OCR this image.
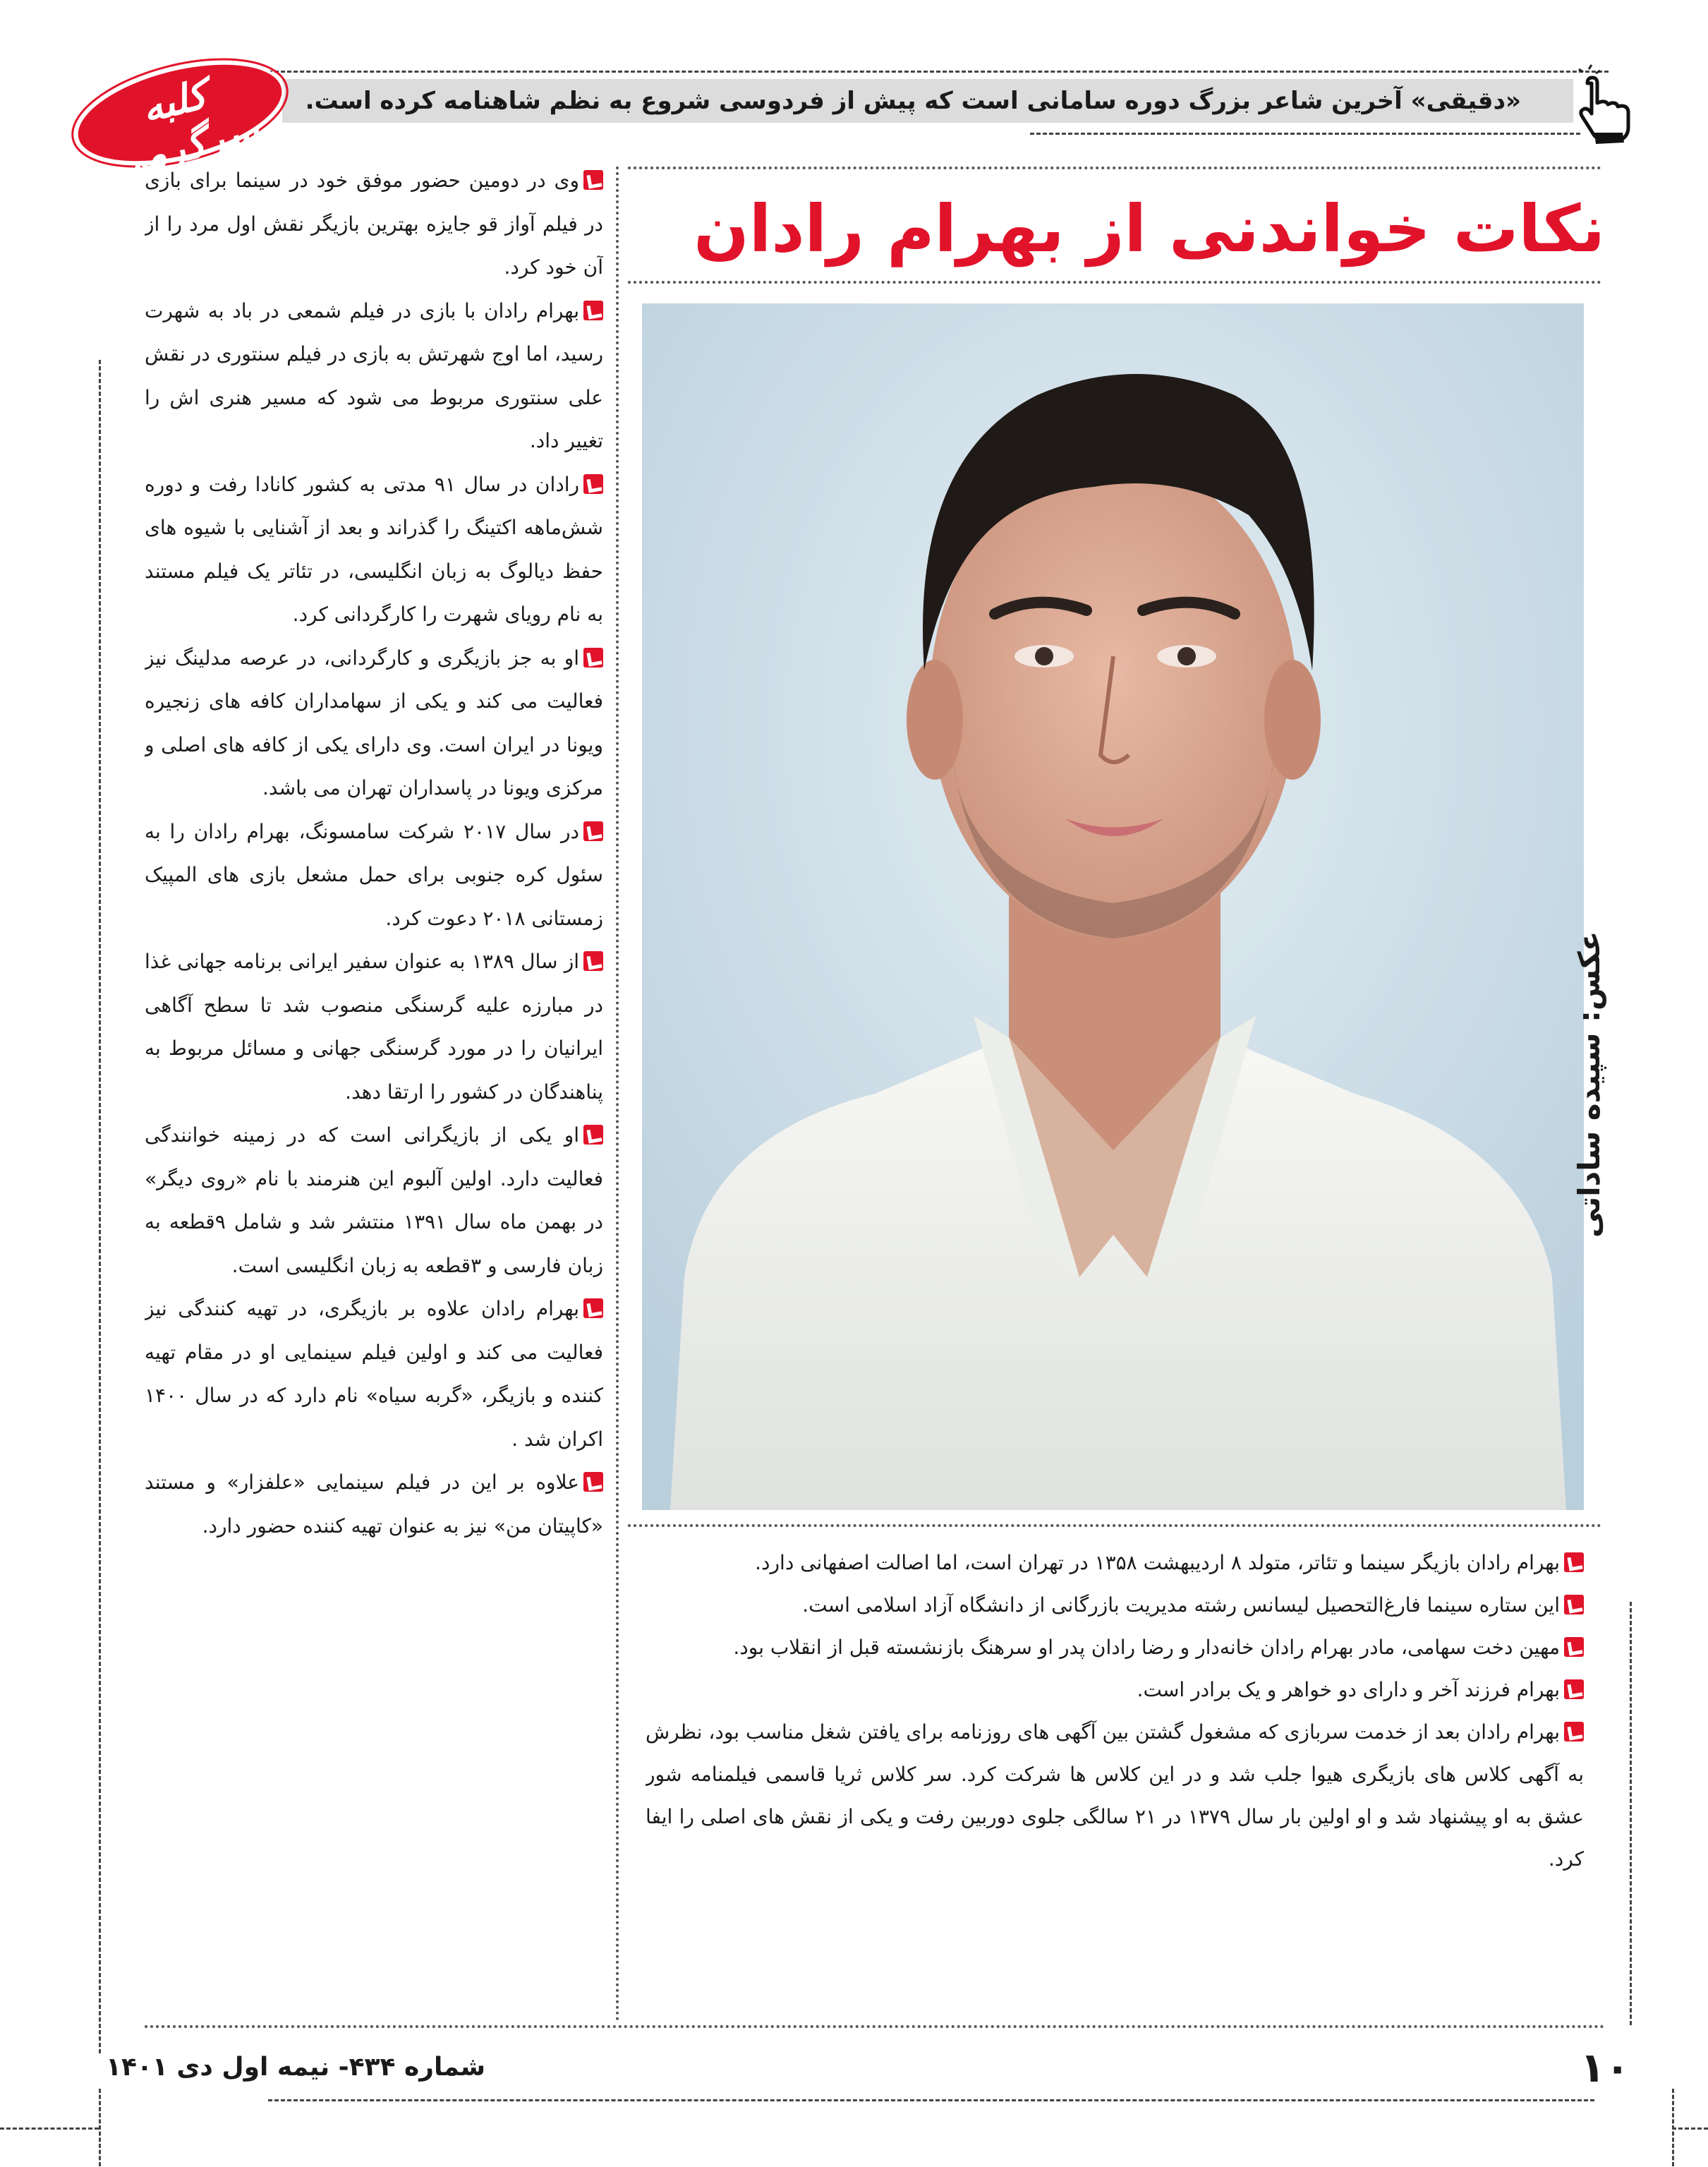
«دقیقی» آخرین شاعر بزرگ دوره سامانی است که پیش از فردوسی شروع به نظم شاهنامه کرده است.
کلبه سرگرمی
نکات خواندنی از بهرام رادان
عکس: سپیده ساداتی

وی در دومین حضور موفق خود در سینما برای بازی در فیلم آواز قو جایزه بهترین بازیگر نقش اول مرد را از آن خود کرد.

بهرام رادان با بازی در فیلم شمعی در باد به شهرت رسید، اما اوج شهرتش به بازی در فیلم سنتوری در نقش علی سنتوری مربوط می شود که مسیر هنری اش را تغییر داد.

رادان در سال ۹۱ مدتی به کشور کانادا رفت و دوره شش‌ماهه اکتینگ را گذراند و بعد از آشنایی با شیوه های حفظ دیالوگ به زبان انگلیسی، در تئاتر یک فیلم مستند به نام رویای شهرت را کارگردانی کرد.

او به جز بازیگری و کارگردانی، در عرصه مدلینگ نیز فعالیت می کند و یکی از سهامداران کافه های زنجیره ویونا در ایران است. وی دارای یکی از کافه های اصلی و مرکزی ویونا در پاسداران تهران می باشد.

در سال ۲۰۱۷ شرکت سامسونگ، بهرام رادان را به سئول کره جنوبی برای حمل مشعل بازی های المپیک زمستانی ۲۰۱۸ دعوت کرد.

از سال ۱۳۸۹ به عنوان سفیر ایرانی برنامه جهانی غذا در مبارزه علیه گرسنگی منصوب شد تا سطح آگاهی ایرانیان را در مورد گرسنگی جهانی و مسائل مربوط به پناهندگان در کشور را ارتقا دهد.

او یکی از بازیگرانی است که در زمینه خوانندگی فعالیت دارد. اولین آلبوم این هنرمند با نام «روی دیگر» در بهمن ماه سال ۱۳۹۱ منتشر شد و شامل ۹قطعه به زبان فارسی و ۳قطعه به زبان انگلیسی است.

بهرام رادان علاوه بر بازیگری، در تهیه کنندگی نیز فعالیت می کند و اولین فیلم سینمایی او در مقام تهیه کننده و بازیگر، «گربه سیاه» نام دارد که در سال ۱۴۰۰ اکران شد .

علاوه بر این در فیلم سینمایی «علفزار» و مستند «کاپیتان من» نیز به عنوان تهیه کننده حضور دارد.

بهرام رادان بازیگر سینما و تئاتر، متولد ۸ اردیبهشت ۱۳۵۸ در تهران است، اما اصالت اصفهانی دارد.

این ستاره سینما فارغ‌التحصیل لیسانس رشته مدیریت بازرگانی از دانشگاه آزاد اسلامی است.

مهین دخت سهامی، مادر بهرام رادان خانه‌دار و رضا رادان پدر او سرهنگ بازنشسته قبل از انقلاب بود.

بهرام فرزند آخر و دارای دو خواهر و یک برادر است.

بهرام رادان بعد از خدمت سربازی که مشغول گشتن بین آگهی های روزنامه برای یافتن شغل مناسب بود، نظرش به آگهی کلاس های بازیگری هیوا جلب شد و در این کلاس ها شرکت کرد. سر کلاس ثریا قاسمی فیلمنامه شور عشق به او پیشنهاد شد و او اولین بار سال ۱۳۷۹ در ۲۱ سالگی جلوی دوربین رفت و یکی از نقش های اصلی را ایفا کرد.

شماره ۴۳۴- نیمه اول دی ۱۴۰۱	۱۰
